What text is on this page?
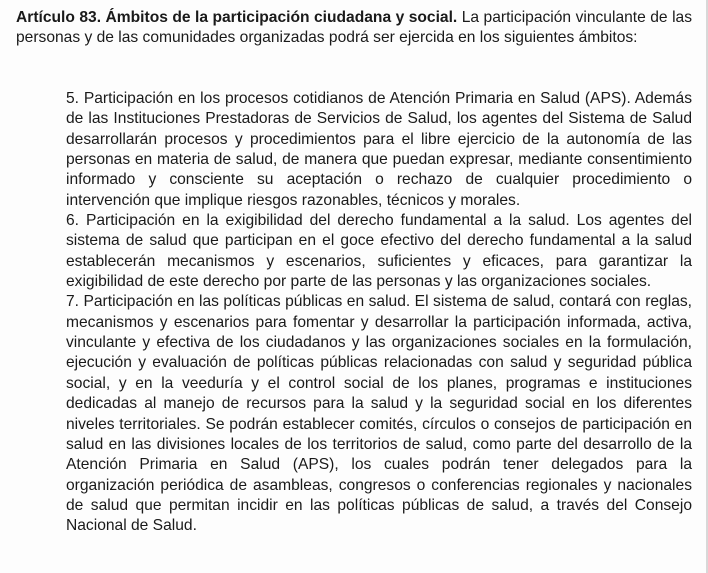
Artículo 83. Ámbitos de la participación ciudadana y social. La participación vinculante de las personas y de las comunidades organizadas podrá ser ejercida en los siguientes ámbitos:

5. Participación en los procesos cotidianos de Atención Primaria en Salud (APS). Además de las Instituciones Prestadoras de Servicios de Salud, los agentes del Sistema de Salud desarrollarán procesos y procedimientos para el libre ejercicio de la autonomía de las personas en materia de salud, de manera que puedan expresar, mediante consentimiento informado y consciente su aceptación o rechazo de cualquier procedimiento o intervención que implique riesgos razonables, técnicos y morales.

6. Participación en la exigibilidad del derecho fundamental a la salud. Los agentes del sistema de salud que participan en el goce efectivo del derecho fundamental a la salud establecerán mecanismos y escenarios, suficientes y eficaces, para garantizar la exigibilidad de este derecho por parte de las personas y las organizaciones sociales.

7. Participación en las políticas públicas en salud. El sistema de salud, contará con reglas, mecanismos y escenarios para fomentar y desarrollar la participación informada, activa, vinculante y efectiva de los ciudadanos y las organizaciones sociales en la formulación, ejecución y evaluación de políticas públicas relacionadas con salud y seguridad pública social, y en la veeduría y el control social de los planes, programas e instituciones dedicadas al manejo de recursos para la salud y la seguridad social en los diferentes niveles territoriales. Se podrán establecer comités, círculos o consejos de participación en salud en las divisiones locales de los territorios de salud, como parte del desarrollo de la Atención Primaria en Salud (APS), los cuales podrán tener delegados para la organización periódica de asambleas, congresos o conferencias regionales y nacionales de salud que permitan incidir en las políticas públicas de salud, a través del Consejo Nacional de Salud.
